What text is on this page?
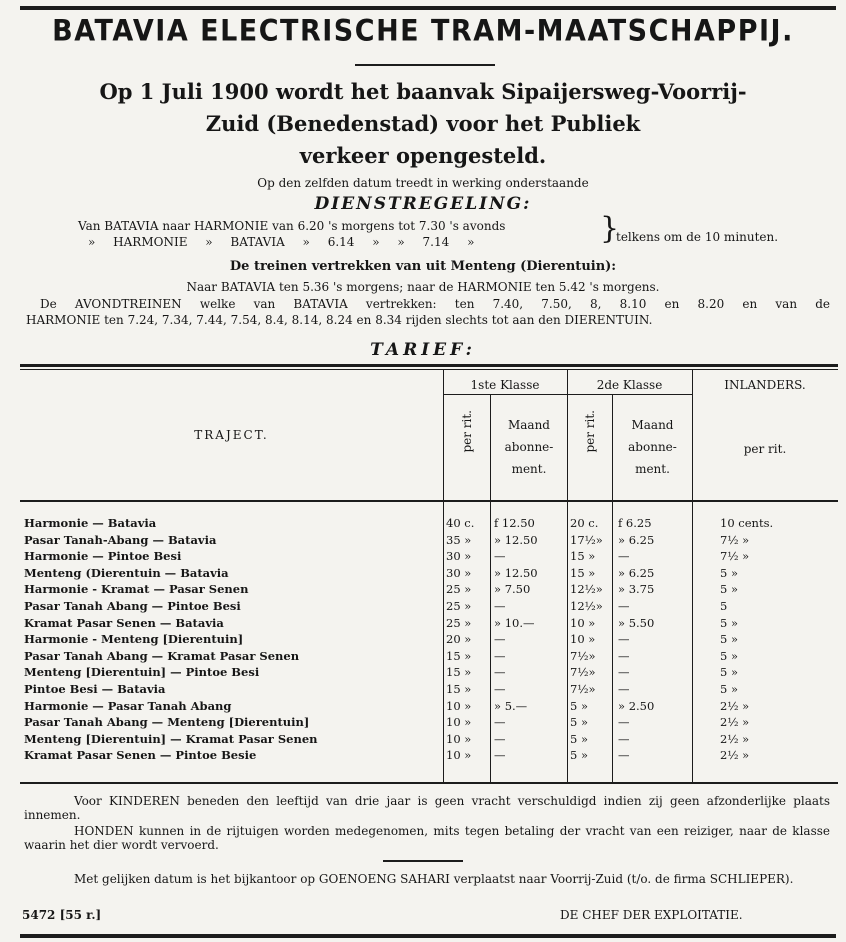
BATAVIA ELECTRISCHE TRAM-MAATSCHAPPIJ.
Op 1 Juli 1900 wordt het baanvak Sipaijersweg-Voorrij-
Zuid (Benedenstad) voor het Publiek
verkeer opengesteld.
Op den zelfden datum treedt in werking onderstaande
DIENSTREGELING:
Van BATAVIA naar HARMONIE van 6.20 's morgens tot 7.30 's avonds
» HARMONIE » BATAVIA » 6.14 » » 7.14 »	}
telkens om de 10 minuten.
De treinen vertrekken van uit Menteng (Dierentuin):
Naar BATAVIA ten 5.36 's morgens; naar de HARMONIE ten 5.42 's morgens.
De AVONDTREINEN welke van BATAVIA vertrekken: ten 7.40, 7.50, 8, 8.10 en 8.20 en van de
HARMONIE ten 7.24, 7.34, 7.44, 7.54, 8.4, 8.14, 8.24 en 8.34 rijden slechts tot aan den DIERENTUIN.
TARIEF:
TRAJECT.
1ste Klasse	2de Klasse	INLANDERS.
per rit.	Maand abonne- ment.
per rit.	Maand abonne- ment.
per rit.
Harmonie — Batavia	40 c.	f 12.50	20 c.	f 6.25	10 cents.
Pasar Tanah-Abang — Batavia	35 »	» 12.50	17½»	» 6.25	7½ »
Harmonie — Pintoe Besi	30 »	—	15 »	—	7½ »
Menteng (Dierentuin — Batavia	30 »	» 12.50	15 »	» 6.25	5 »
Harmonie - Kramat — Pasar Senen	25 »	» 7.50	12½»	» 3.75	5 »
Pasar Tanah Abang — Pintoe Besi	25 »	—	12½»	—	5
Kramat Pasar Senen — Batavia	25 »	» 10.—	10 »	» 5.50	5 »
Harmonie - Menteng [Dierentuin]	20 »	—	10 »	—	5 »
Pasar Tanah Abang — Kramat Pasar Senen	15 »	—	7½»	—	5 »
Menteng [Dierentuin] — Pintoe Besi	15 »	—	7½»	—	5 »
Pintoe Besi — Batavia	15 »	—	7½»	—	5 »
Harmonie — Pasar Tanah Abang	10 »	» 5.—	5 »	» 2.50	2½ »
Pasar Tanah Abang — Menteng [Dierentuin]	10 »	—	5 »	—	2½ »
Menteng [Dierentuin] — Kramat Pasar Senen	10 »	—	5 »	—	2½ »
Kramat Pasar Senen — Pintoe Besie	10 »	—	5 »	—	2½ »
Voor KINDEREN beneden den leeftijd van drie jaar is geen vracht verschuldigd indien zij geen afzonderlijke plaats innemen.
HONDEN kunnen in de rijtuigen worden medegenomen, mits tegen betaling der vracht van een reiziger, naar de klasse waarin het dier wordt vervoerd.
Met gelijken datum is het bijkantoor op GOENOENG SAHARI verplaatst naar Voorrij-Zuid (t/o. de firma SCHLIEPER).
5472 [55 r.]	DE CHEF DER EXPLOITATIE.
